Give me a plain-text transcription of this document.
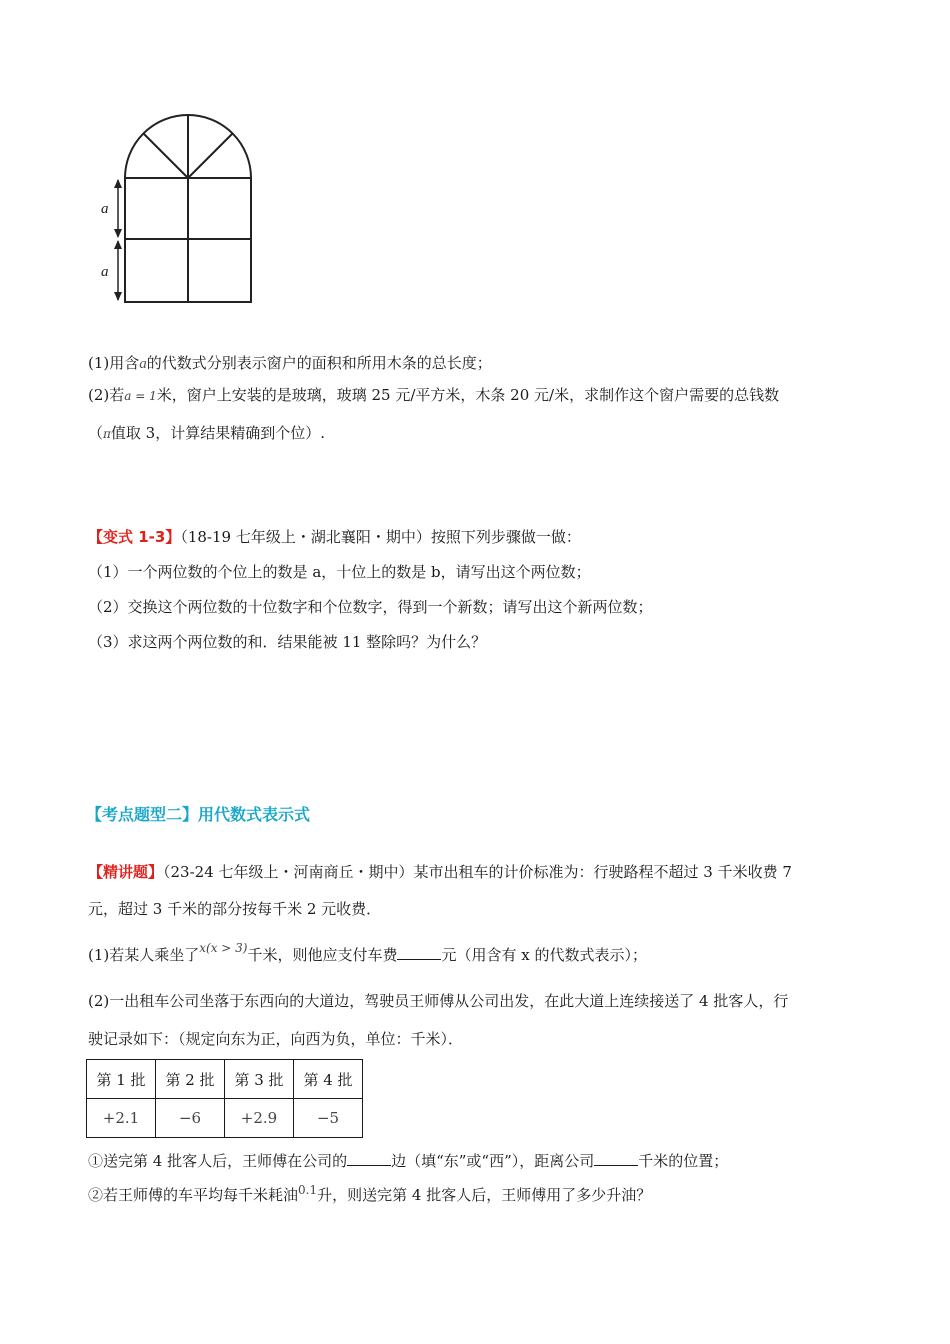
a
a
(1)用含a的代数式分别表示窗户的面积和所用木条的总长度；
(2)若a = 1米，窗户上安装的是玻璃，玻璃 25 元/平方米，木条 20 元/米，求制作这个窗户需要的总钱数
（π值取 3，计算结果精确到个位）.
【变式 1-3】（18-19 七年级上・湖北襄阳・期中）按照下列步骤做一做：
（1）一个两位数的个位上的数是 a，十位上的数是 b，请写出这个两位数；
（2）交换这个两位数的十位数字和个位数字，得到一个新数；请写出这个新两位数；
（3）求这两个两位数的和．结果能被 11 整除吗？为什么？
【考点题型二】用代数式表示式
【精讲题】（23-24 七年级上・河南商丘・期中）某市出租车的计价标准为：行驶路程不超过 3 千米收费 7
元，超过 3 千米的部分按每千米 2 元收费．
(1)若某人乘坐了$^{x(x > 3)}$千米，则他应支付车费	元（用含有 x 的代数式表示）；
(2)一出租车公司坐落于东西向的大道边，驾驶员王师傅从公司出发，在此大道上连续接送了 4 批客人，行
驶记录如下：（规定向东为正，向西为负，单位：千米）．
第 1 批	第 2 批	第 3 批	第 4 批
+2.1	−6	+2.9	−5
①送完第 4 批客人后，王师傅在公司的	边（填“东”或“西”），距离公司	千米的位置；
②若王师傅的车平均每千米耗油$^{0.1}$升，则送完第 4 批客人后，王师傅用了多少升油？
